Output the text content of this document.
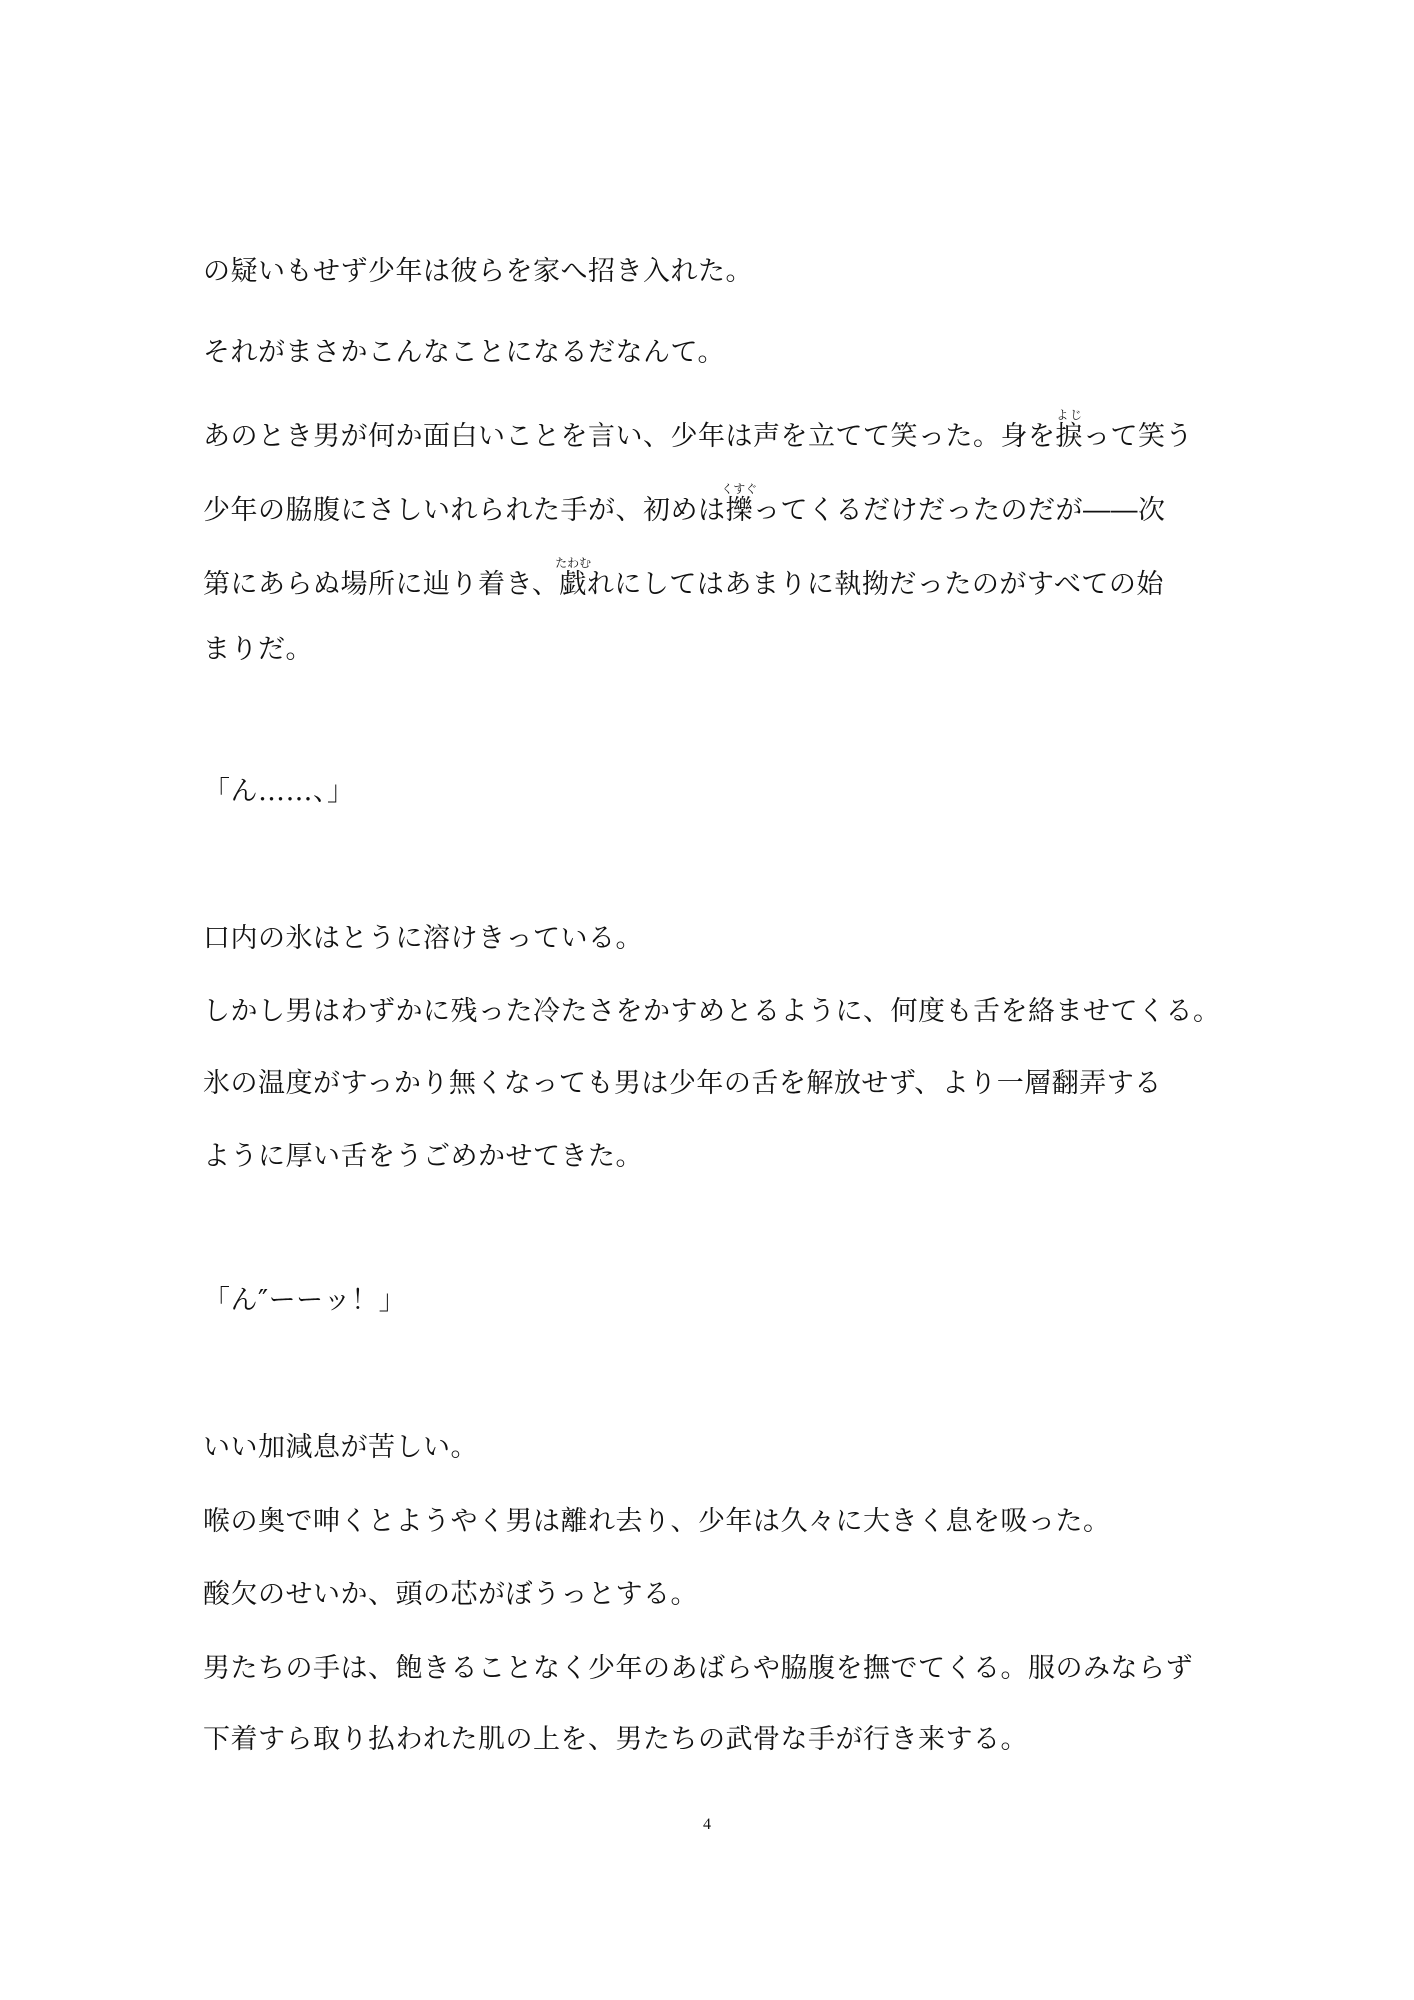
の疑いもせず少年は彼らを家へ招き入れた。
それがまさかこんなことになるだなんて。
あのとき男が何か面白いことを言い、少年は声を立てて笑った。身を捩よじって笑う
少年の脇腹にさしいれられた手が、初めは擽くすぐってくるだけだったのだが――次
第にあらぬ場所に辿り着き、戯たわむれにしてはあまりに執拗だったのがすべての始
まりだ。
「ん……、」
口内の氷はとうに溶けきっている。
しかし男はわずかに残った冷たさをかすめとるように、何度も舌を絡ませてくる。
氷の温度がすっかり無くなっても男は少年の舌を解放せず、より一層翻弄する
ように厚い舌をうごめかせてきた。
「ん″ーーッ！」
いい加減息が苦しい。
喉の奥で呻くとようやく男は離れ去り、少年は久々に大きく息を吸った。
酸欠のせいか、頭の芯がぼうっとする。
男たちの手は、飽きることなく少年のあばらや脇腹を撫でてくる。服のみならず
下着すら取り払われた肌の上を、男たちの武骨な手が行き来する。
4
